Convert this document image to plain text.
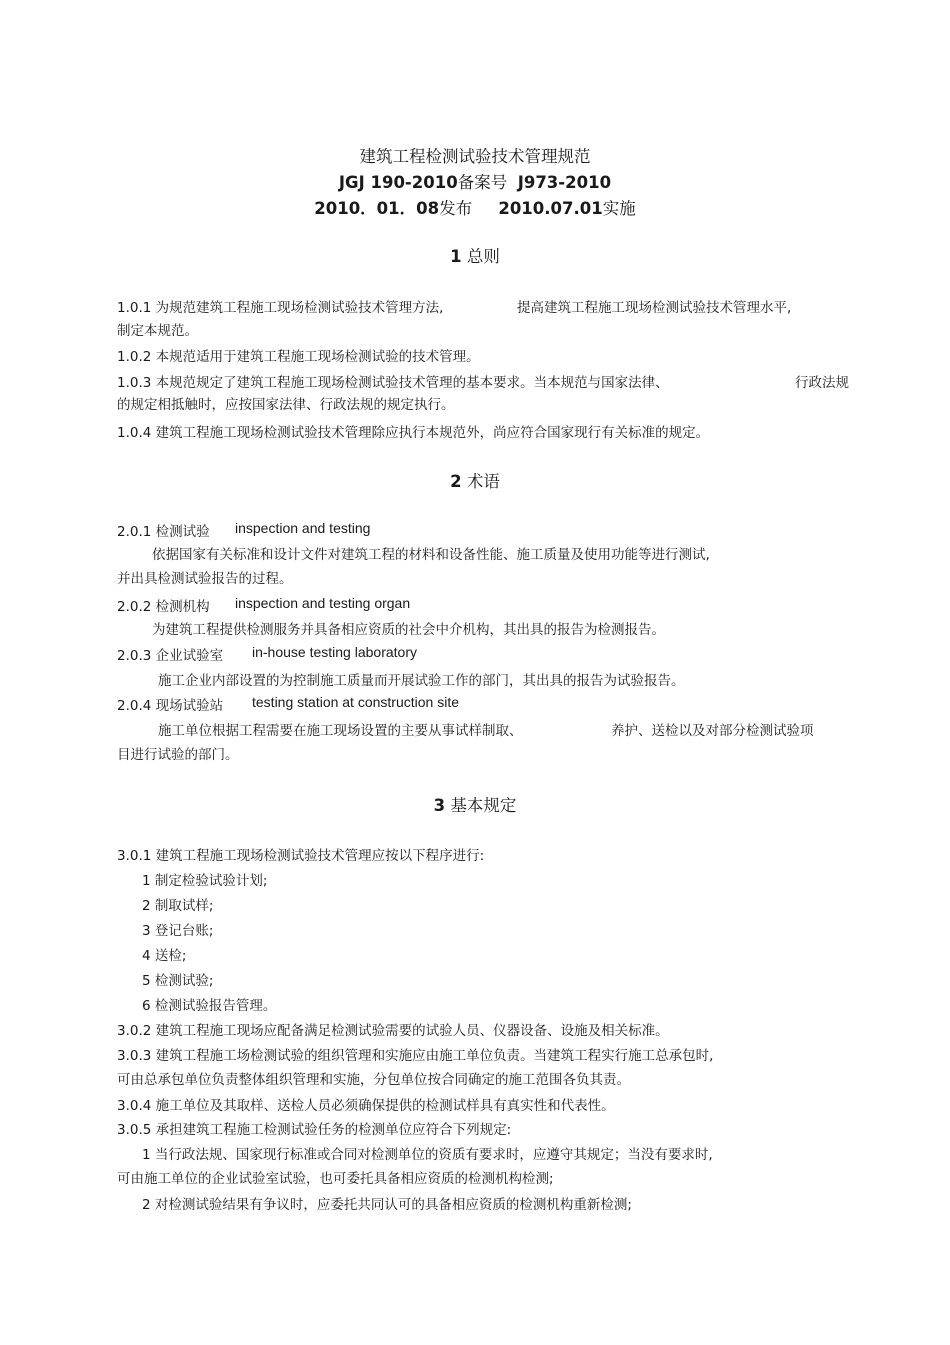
建筑工程检测试验技术管理规范
JGJ 190-2010备案号 J973-2010
2010．01．08发布 2010.07.01实施
1 总则
1.0.1 为规范建筑工程施工现场检测试验技术管理方法,	提高建筑工程施工现场检测试验技术管理水平,
制定本规范。
1.0.2 本规范适用于建筑工程施工现场检测试验的技术管理。
1.0.3 本规范规定了建筑工程施工现场检测试验技术管理的基本要求。当本规范与国家法律、	行政法规
的规定相抵触时，应按国家法律、行政法规的规定执行。
1.0.4 建筑工程施工现场检测试验技术管理除应执行本规范外，尚应符合国家现行有关标准的规定。
2 术语
2.0.1 检测试验 inspection and testing
依据国家有关标准和设计文件对建筑工程的材料和设备性能、施工质量及使用功能等进行测试,
并出具检测试验报告的过程。
2.0.2 检测机构 inspection and testing organ
为建筑工程提供检测服务并具备相应资质的社会中介机构，其出具的报告为检测报告。
2.0.3 企业试验室 in-house testing laboratory
施工企业内部设置的为控制施工质量而开展试验工作的部门，其出具的报告为试验报告。
2.0.4 现场试验站 testing station at construction site
施工单位根据工程需要在施工现场设置的主要从事试样制取、	养护、送检以及对部分检测试验项
目进行试验的部门。
3 基本规定
3.0.1 建筑工程施工现场检测试验技术管理应按以下程序进行:
1 制定检验试验计划;
2 制取试样;
3 登记台账;
4 送检;
5 检测试验;
6 检测试验报告管理。
3.0.2 建筑工程施工现场应配备满足检测试验需要的试验人员、仪器设备、设施及相关标准。
3.0.3 建筑工程施工场检测试验的组织管理和实施应由施工单位负责。当建筑工程实行施工总承包时,
可由总承包单位负责整体组织管理和实施，分包单位按合同确定的施工范围各负其责。
3.0.4 施工单位及其取样、送检人员必须确保提供的检测试样具有真实性和代表性。
3.0.5 承担建筑工程施工检测试验任务的检测单位应符合下列规定:
1 当行政法规、国家现行标准或合同对检测单位的资质有要求时，应遵守其规定；当没有要求时,
可由施工单位的企业试验室试验，也可委托具备相应资质的检测机构检测;
2 对检测试验结果有争议时，应委托共同认可的具备相应资质的检测机构重新检测;
